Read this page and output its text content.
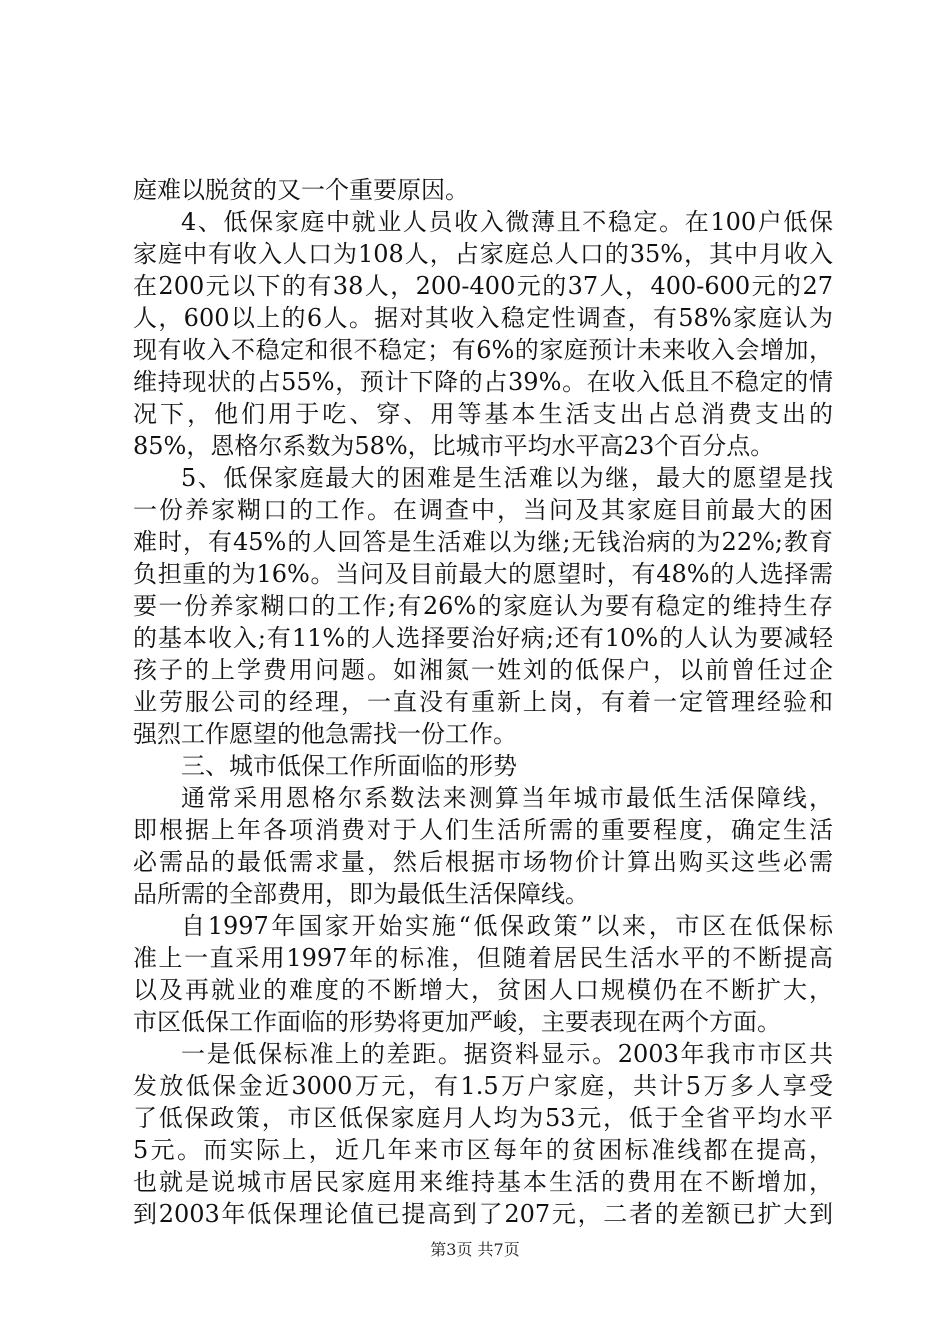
庭难以脱贫的又一个重要原因。
4、低保家庭中就业人员收入微薄且不稳定。在100户低保
家庭中有收入人口为108人，占家庭总人口的35%，其中月收入
在200元以下的有38人，200-400元的37人，400-600元的27
人，600以上的6人。据对其收入稳定性调查，有58%家庭认为
现有收入不稳定和很不稳定；有6%的家庭预计未来收入会增加，
维持现状的占55%，预计下降的占39%。在收入低且不稳定的情
况下，他们用于吃、穿、用等基本生活支出占总消费支出的
85%，恩格尔系数为58%，比城市平均水平高23个百分点。
5、低保家庭最大的困难是生活难以为继，最大的愿望是找
一份养家糊口的工作。在调查中，当问及其家庭目前最大的困
难时，有45%的人回答是生活难以为继;无钱治病的为22%;教育
负担重的为16%。当问及目前最大的愿望时，有48%的人选择需
要一份养家糊口的工作;有26%的家庭认为要有稳定的维持生存
的基本收入;有11%的人选择要治好病;还有10%的人认为要减轻
孩子的上学费用问题。如湘氮一姓刘的低保户，以前曾任过企
业劳服公司的经理，一直没有重新上岗，有着一定管理经验和
强烈工作愿望的他急需找一份工作。
三、城市低保工作所面临的形势
通常采用恩格尔系数法来测算当年城市最低生活保障线，
即根据上年各项消费对于人们生活所需的重要程度，确定生活
必需品的最低需求量，然后根据市场物价计算出购买这些必需
品所需的全部费用，即为最低生活保障线。
自1997年国家开始实施“低保政策”以来，市区在低保标
准上一直采用1997年的标准，但随着居民生活水平的不断提高
以及再就业的难度的不断增大，贫困人口规模仍在不断扩大，
市区低保工作面临的形势将更加严峻，主要表现在两个方面。
一是低保标准上的差距。据资料显示。2003年我市市区共
发放低保金近3000万元，有1.5万户家庭，共计5万多人享受
了低保政策，市区低保家庭月人均为53元，低于全省平均水平
5元。而实际上，近几年来市区每年的贫困标准线都在提高，
也就是说城市居民家庭用来维持基本生活的费用在不断增加，
到2003年低保理论值已提高到了207元，二者的差额已扩大到
第3页 共7页
